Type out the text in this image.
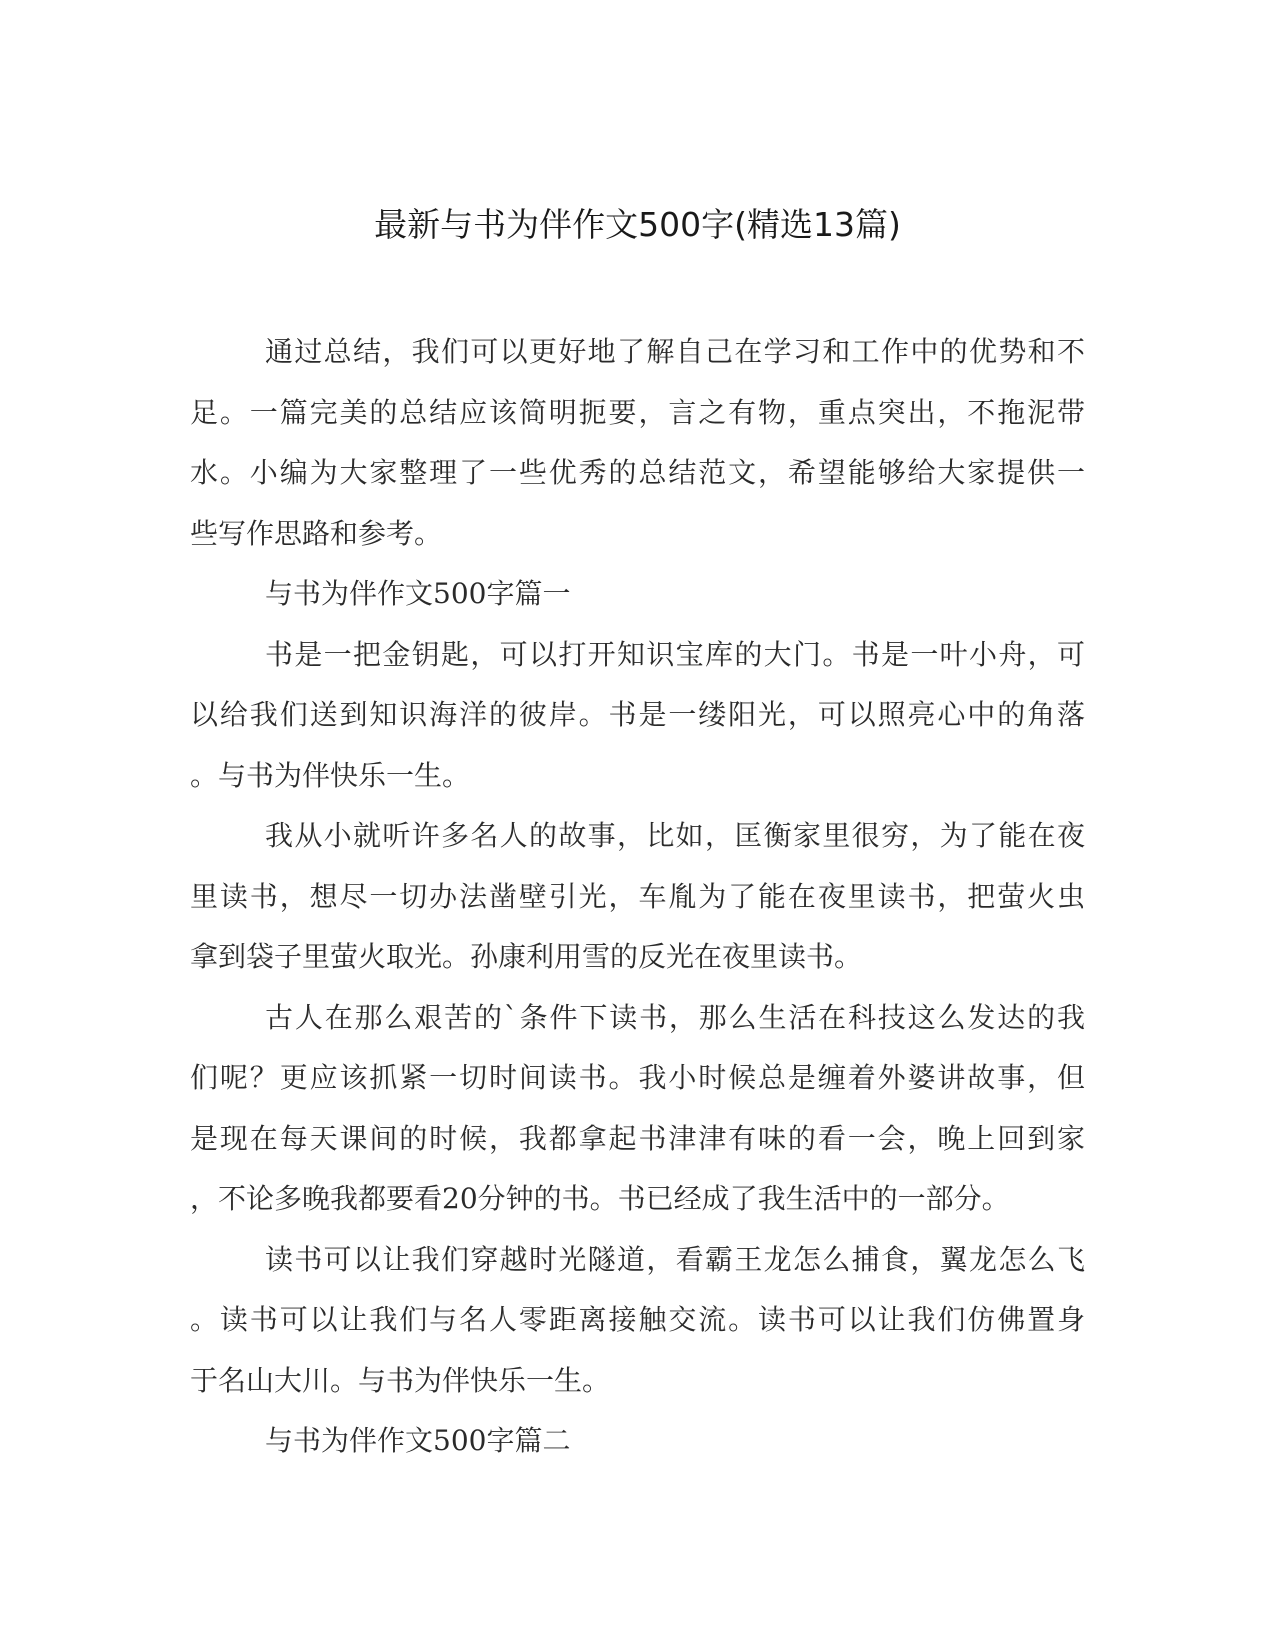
最新与书为伴作文500字(精选13篇)
通过总结，我们可以更好地了解自己在学习和工作中的优势和不
足。一篇完美的总结应该简明扼要，言之有物，重点突出，不拖泥带
水。小编为大家整理了一些优秀的总结范文，希望能够给大家提供一
些写作思路和参考。
与书为伴作文500字篇一
书是一把金钥匙，可以打开知识宝库的大门。书是一叶小舟，可
以给我们送到知识海洋的彼岸。书是一缕阳光，可以照亮心中的角落
。与书为伴快乐一生。
我从小就听许多名人的故事，比如，匡衡家里很穷，为了能在夜
里读书，想尽一切办法凿壁引光，车胤为了能在夜里读书，把萤火虫
拿到袋子里萤火取光。孙康利用雪的反光在夜里读书。
古人在那么艰苦的`条件下读书，那么生活在科技这么发达的我
们呢？更应该抓紧一切时间读书。我小时候总是缠着外婆讲故事，但
是现在每天课间的时候，我都拿起书津津有味的看一会，晚上回到家
，不论多晚我都要看20分钟的书。书已经成了我生活中的一部分。
读书可以让我们穿越时光隧道，看霸王龙怎么捕食，翼龙怎么飞
。读书可以让我们与名人零距离接触交流。读书可以让我们仿佛置身
于名山大川。与书为伴快乐一生。
与书为伴作文500字篇二
